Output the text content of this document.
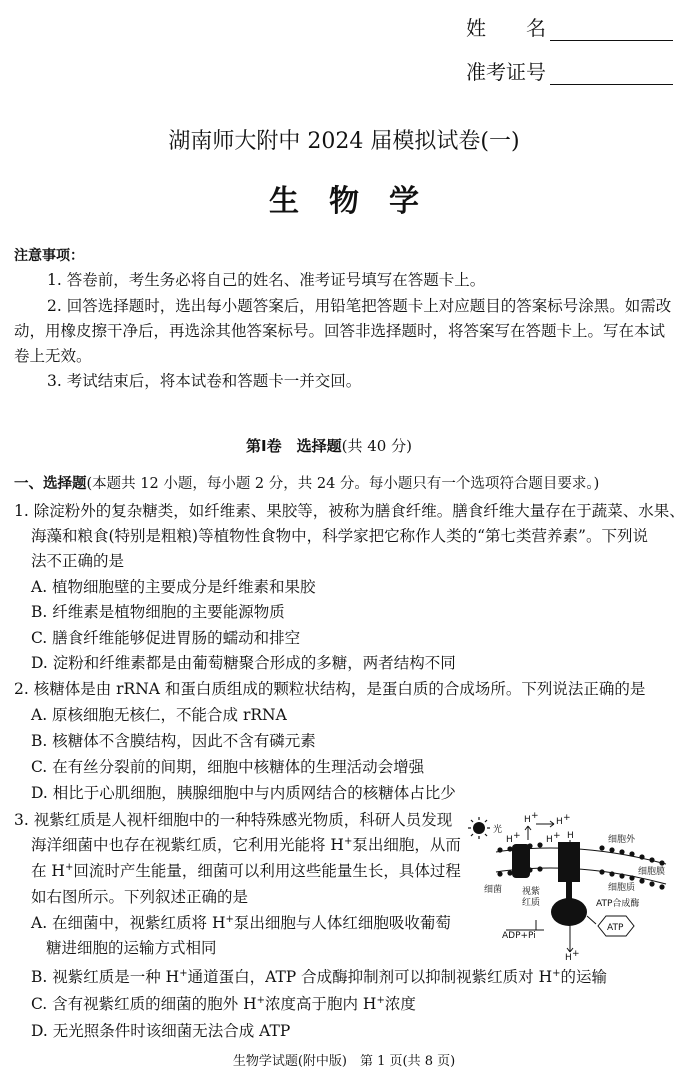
姓　　名
准考证号
湖南师大附中 2024 届模拟试卷(一)
生　物　学
注意事项：
1. 答卷前，考生务必将自己的姓名、准考证号填写在答题卡上。
2. 回答选择题时，选出每小题答案后，用铅笔把答题卡上对应题目的答案标号涂黑。如需改
动，用橡皮擦干净后，再选涂其他答案标号。回答非选择题时，将答案写在答题卡上。写在本试
卷上无效。
3. 考试结束后，将本试卷和答题卡一并交回。
第Ⅰ卷　选择题(共 40 分)
一、选择题(本题共 12 小题，每小题 2 分，共 24 分。每小题只有一个选项符合题目要求。)
1. 除淀粉外的复杂糖类，如纤维素、果胶等，被称为膳食纤维。膳食纤维大量存在于蔬菜、水果、
海藻和粮食(特别是粗粮)等植物性食物中，科学家把它称作人类的“第七类营养素”。下列说
法不正确的是
A. 植物细胞壁的主要成分是纤维素和果胶
B. 纤维素是植物细胞的主要能源物质
C. 膳食纤维能够促进胃肠的蠕动和排空
D. 淀粉和纤维素都是由葡萄糖聚合形成的多糖，两者结构不同
2. 核糖体是由 rRNA 和蛋白质组成的颗粒状结构，是蛋白质的合成场所。下列说法正确的是
A. 原核细胞无核仁，不能合成 rRNA
B. 核糖体不含膜结构，因此不含有磷元素
C. 在有丝分裂前的间期，细胞中核糖体的生理活动会增强
D. 相比于心肌细胞，胰腺细胞中与内质网结合的核糖体占比少
3. 视紫红质是人视杆细胞中的一种特殊感光物质，科研人员发现
海洋细菌中也存在视紫红质，它利用光能将 H+泵出细胞，从而
在 H+回流时产生能量，细菌可以利用这些能量生长，具体过程
如右图所示。下列叙述正确的是
A. 在细菌中，视紫红质将 H+泵出细胞与人体红细胞吸收葡萄
糖进细胞的运输方式相同
B. 视紫红质是一种 H+通道蛋白，ATP 合成酶抑制剂可以抑制视紫红质对 H+的运输
C. 含有视紫红质的细菌的胞外 H+浓度高于胞内 H+浓度
D. 无光照条件时该细菌无法合成 ATP
光
H +
H +
H +	H + H
H +
细胞外
细胞膜
细胞质
细菌 视紫
红质	ATP合成酶
ADP+Pi
ATP
生物学试题(附中版)　第 1 页(共 8 页)
